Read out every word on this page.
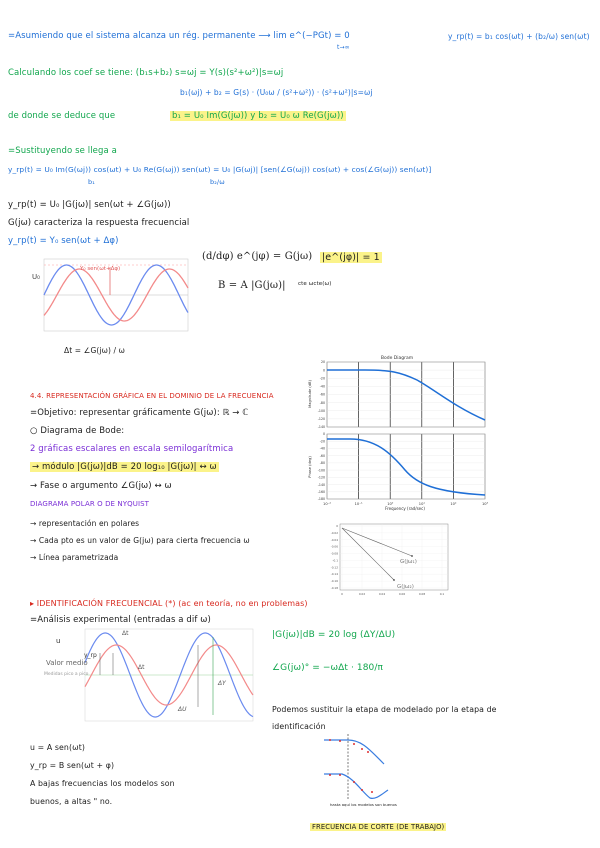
=Asumiendo que el sistema alcanza un rég. permanente ⟶ lim e^(−PGt) = 0
t→∞
y_rp(t) = b₁ cos(ωt) + (b₂/ω) sen(ωt)
Calculando los coef se tiene: (b₁s+b₂) s=ωj = Y(s)(s²+ω²)|s=ωj
b₁(ωj) + b₂ = G(s) · (U₀ω / (s²+ω²)) · (s²+ω²)|s=ωj
de donde se deduce que	b₁ = U₀ Im(G(jω)) y b₂ = U₀ ω Re(G(jω))
=Sustituyendo se llega a
y_rp(t) = U₀ Im(G(ωj)) cos(ωt) + U₀ Re(G(ωj)) sen(ωt) = U₀ |G(ωj)| [sen(∠G(ωj)) cos(ωt) + cos(∠G(ωj)) sen(ωt)]
b₁	b₂/ω
y_rp(t) = U₀ |G(jω)| sen(ωt + ∠G(jω))
G(jω) caracteriza la respuesta frecuencial
y_rp(t) = Y₀ sen(ωt + Δφ)
U₀
Y₀ sen(ωt+Δφ)
Δt = ∠G(jω) / ω
(d/dφ) e^(jφ) = G(jω) |e^(jφ)| = 1
B = A |G(jω)| cte ωcte(ω)
4.4. REPRESENTACIÓN GRÁFICA EN EL DOMINIO DE LA FRECUENCIA
=Objetivo: representar gráficamente G(jω): ℝ → ℂ
○ Diagrama de Bode:
2 gráficas escalares en escala semilogarítmica
→ módulo |G(jω)|dB = 20 log₁₀ |G(jω)| ↔ ω
→ Fase o argumento ∠G(jω) ↔ ω
DIAGRAMA POLAR O DE NYQUIST
→ representación en polares
→ Cada pto es un valor de G(jω) para cierta frecuencia ω
→ Línea parametrizada
Bode Diagram
Magnitude (dB)
Phase (deg)
Frequency (rad/sec)
10⁻²	10⁻¹	10⁰	10¹	10²	10³
20
0
-20
-40
-60
-80
-100
-120
-140
0
-20
-40
-60
-80
-100
-120
-140
-160
-180
G(jω₁)
G(jω₂)
0
-0.02
-0.04
-0.06
-0.08
-0.1
-0.12
-0.14
-0.16
-0.18
0	0.02	0.04	0.06	0.08	0.1
▸ IDENTIFICACIÓN FRECUENCIAL (*) (ac en teoría, no en problemas)
=Análisis experimental (entradas a dif ω)
Valor medio
Medidas pico a pico
u
y_rp
Δt
Δt
ΔU
ΔY
|G(jω)|dB = 20 log (ΔY/ΔU)
∠G(jω)° = −ωΔt · 180/π
Podemos sustituir la etapa de modelado por la etapa de
identificación
hasta aquí los modelos son buenos
u = A sen(ωt)
y_rp = B sen(ωt + φ)
A bajas frecuencias los modelos son
buenos, a altas " no.
FRECUENCIA DE CORTE (DE TRABAJO)
